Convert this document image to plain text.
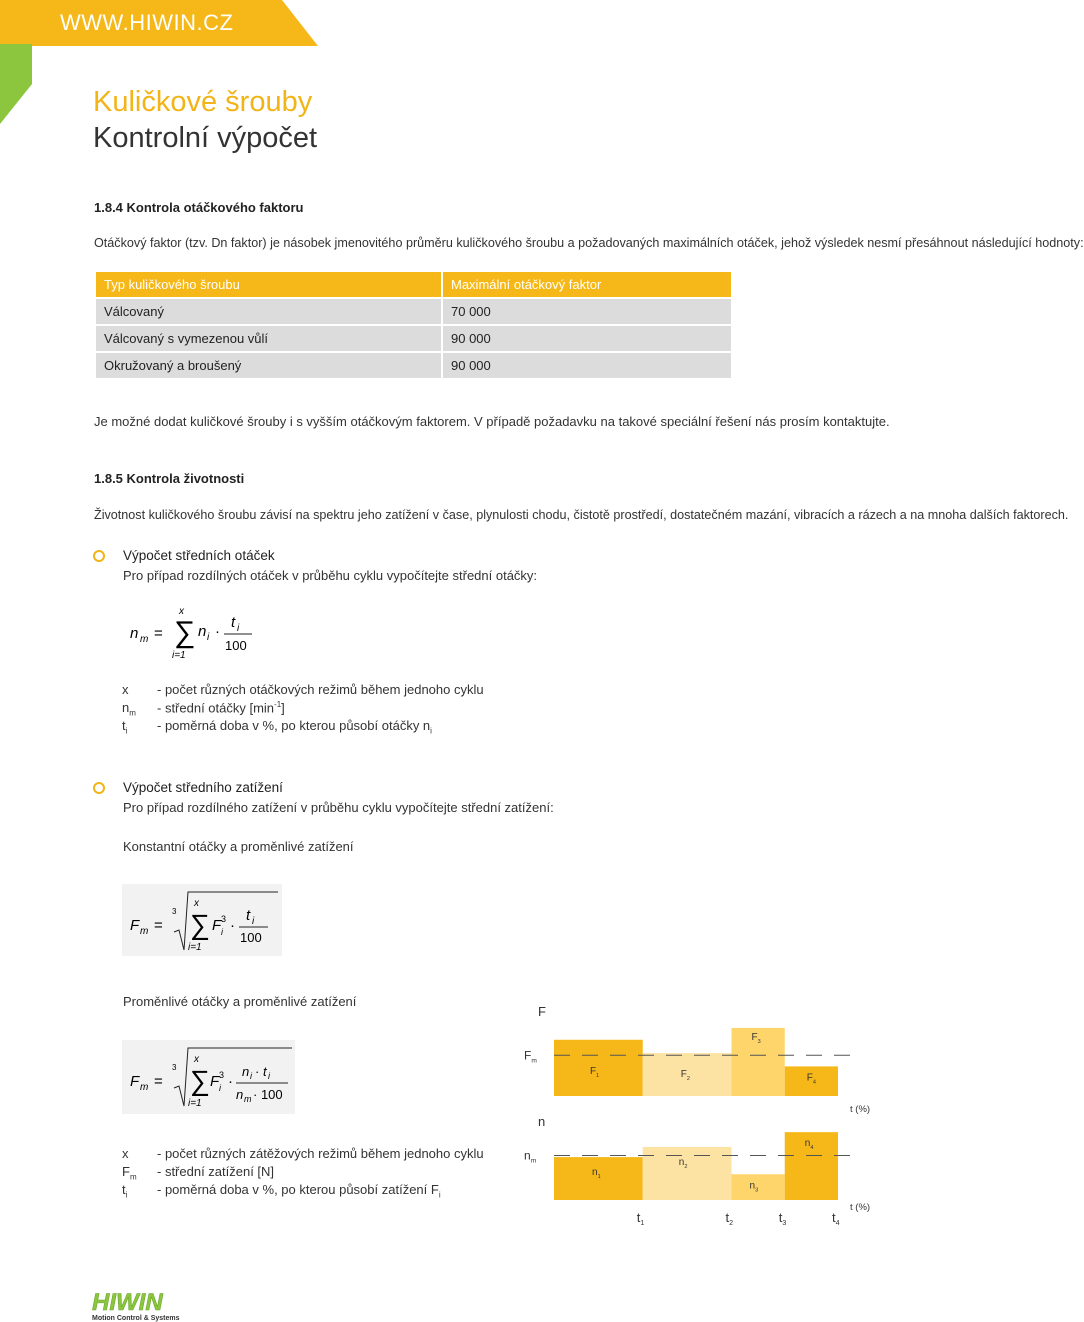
WWW.HIWIN.CZ
Kuličkové šrouby
Kontrolní výpočet
1.8.4 Kontrola otáčkového faktoru
Otáčkový faktor (tzv. Dn faktor) je násobek jmenovitého průměru kuličkového šroubu a požadovaných maximálních otáček, jehož výsledek nesmí přesáhnout následující hodnoty:
Typ kuličkového šroubu	Maximální otáčkový faktor
Válcovaný	70 000
Válcovaný s vymezenou vůlí	90 000
Okružovaný a broušený	90 000
Je možné dodat kuličkové šrouby i s vyšším otáčkovým faktorem. V případě požadavku na takové speciální řešení nás prosím kontaktujte.
1.8.5 Kontrola životnosti
Životnost kuličkového šroubu závisí na spektru jeho zatížení v čase, plynulosti chodu, čistotě prostředí, dostatečném mazání, vibracích a rázech a na mnoha dalších faktorech.
Výpočet středních otáček
Pro případ rozdílných otáček v průběhu cyklu vypočítejte střední otáčky:
n m = ∑
x
i=1
n i ·
t i
100
x - počet různých otáčkových režimů během jednoho cyklu
$n_m$ - střední otáčky $[\min^{-1}]$
$t_i$ - poměrná doba v %, po kterou působí otáčky $n_i$
Výpočet středního zatížení
Pro případ rozdílného zatížení v průběhu cyklu vypočítejte střední zatížení:
Konstantní otáčky a proměnlivé zatížení
F m =
3 ∑
x
i=1
F 3
i ·
t i
100
Proměnlivé otáčky a proměnlivé zatížení
F m =
3 ∑
x
i=1
F 3
i ·
n i · t i
n m · 100
x - počet různých zátěžových režimů během jednoho cyklu
$F_m$ - střední zatížení [N]
$t_i$ - poměrná doba v %, po kterou působí zatížení $F_i$
F
$F_1$	$F_2$
$F_3$
$F_4$
$F_m$
t (%)
n
$n_1$
$t_1$
$n_2$
$t_2$
$n_3$
$t_3$
$n_4$
$t_4$
$n_m$
t (%)
HIWIN
Motion Control & Systems
